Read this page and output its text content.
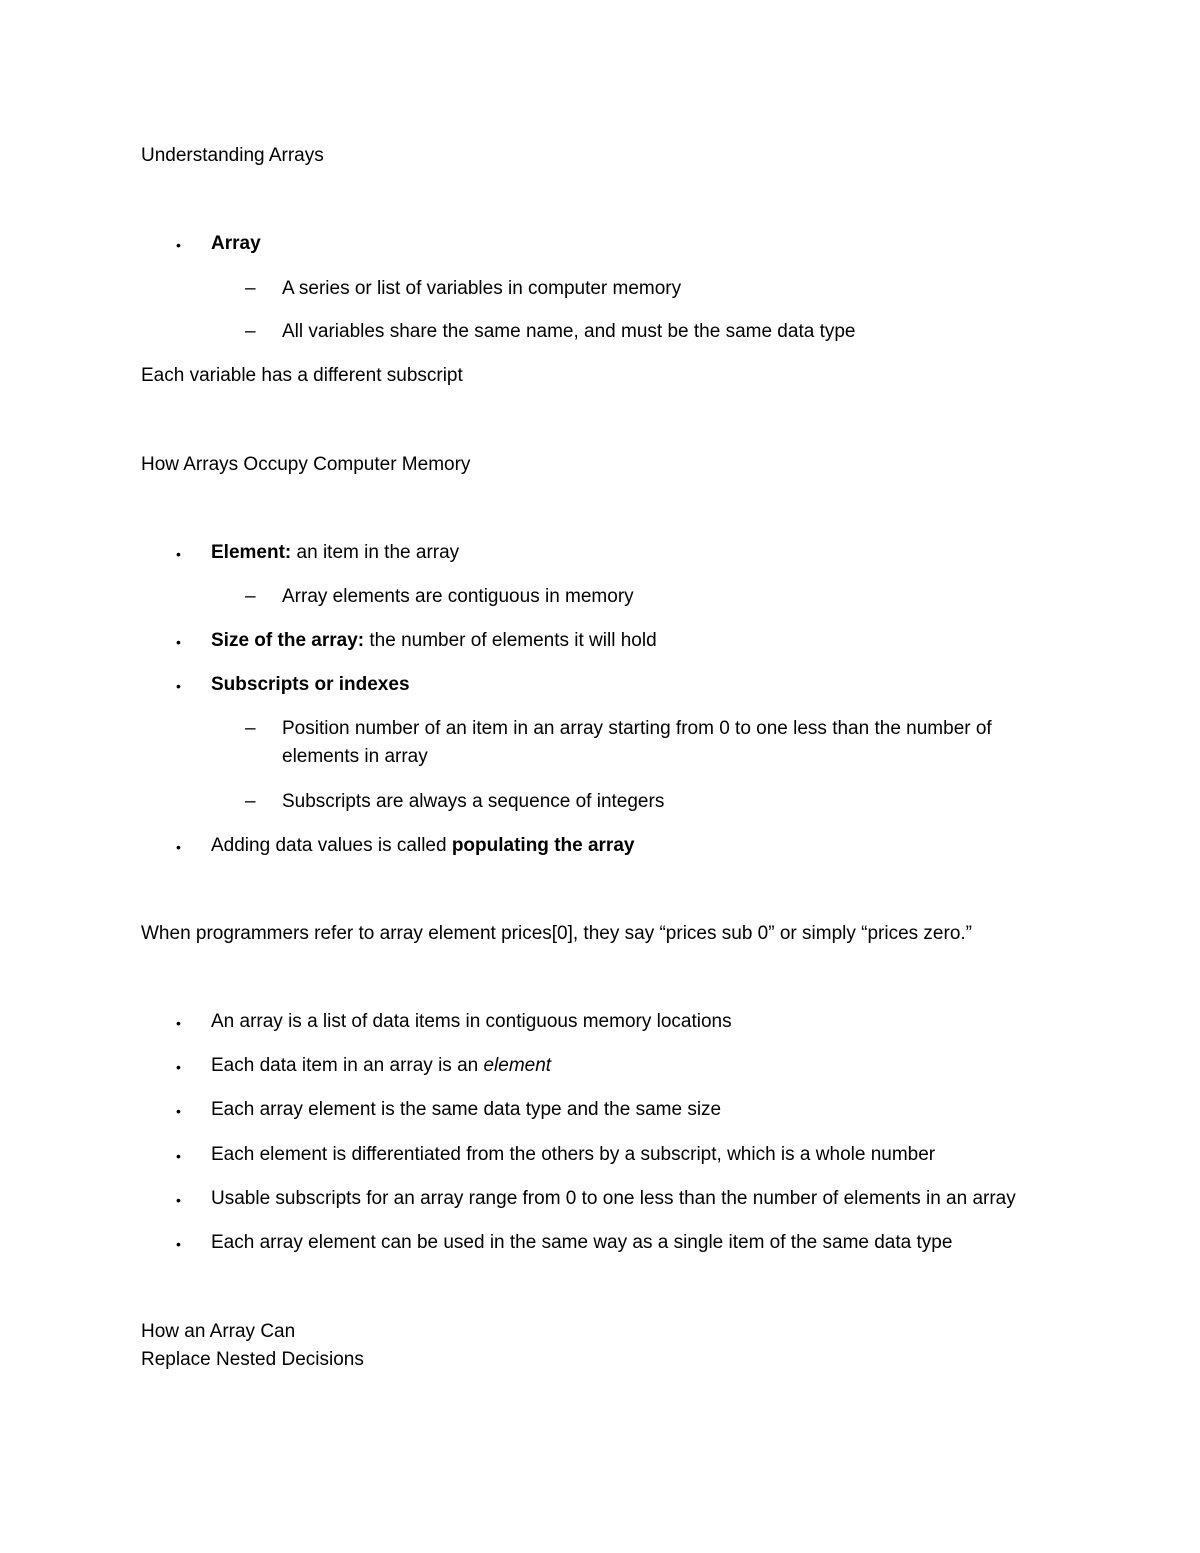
Understanding Arrays
• Array
– A series or list of variables in computer memory
– All variables share the same name, and must be the same data type
Each variable has a different subscript
How Arrays Occupy Computer Memory
• Element: an item in the array
– Array elements are contiguous in memory
• Size of the array: the number of elements it will hold
• Subscripts or indexes
– Position number of an item in an array starting from 0 to one less than the number of
elements in array
– Subscripts are always a sequence of integers
• Adding data values is called populating the array
When programmers refer to array element prices[0], they say “prices sub 0” or simply “prices zero.”
• An array is a list of data items in contiguous memory locations
• Each data item in an array is an element
• Each array element is the same data type and the same size
• Each element is differentiated from the others by a subscript, which is a whole number
• Usable subscripts for an array range from 0 to one less than the number of elements in an array
• Each array element can be used in the same way as a single item of the same data type
How an Array Can
Replace Nested Decisions
